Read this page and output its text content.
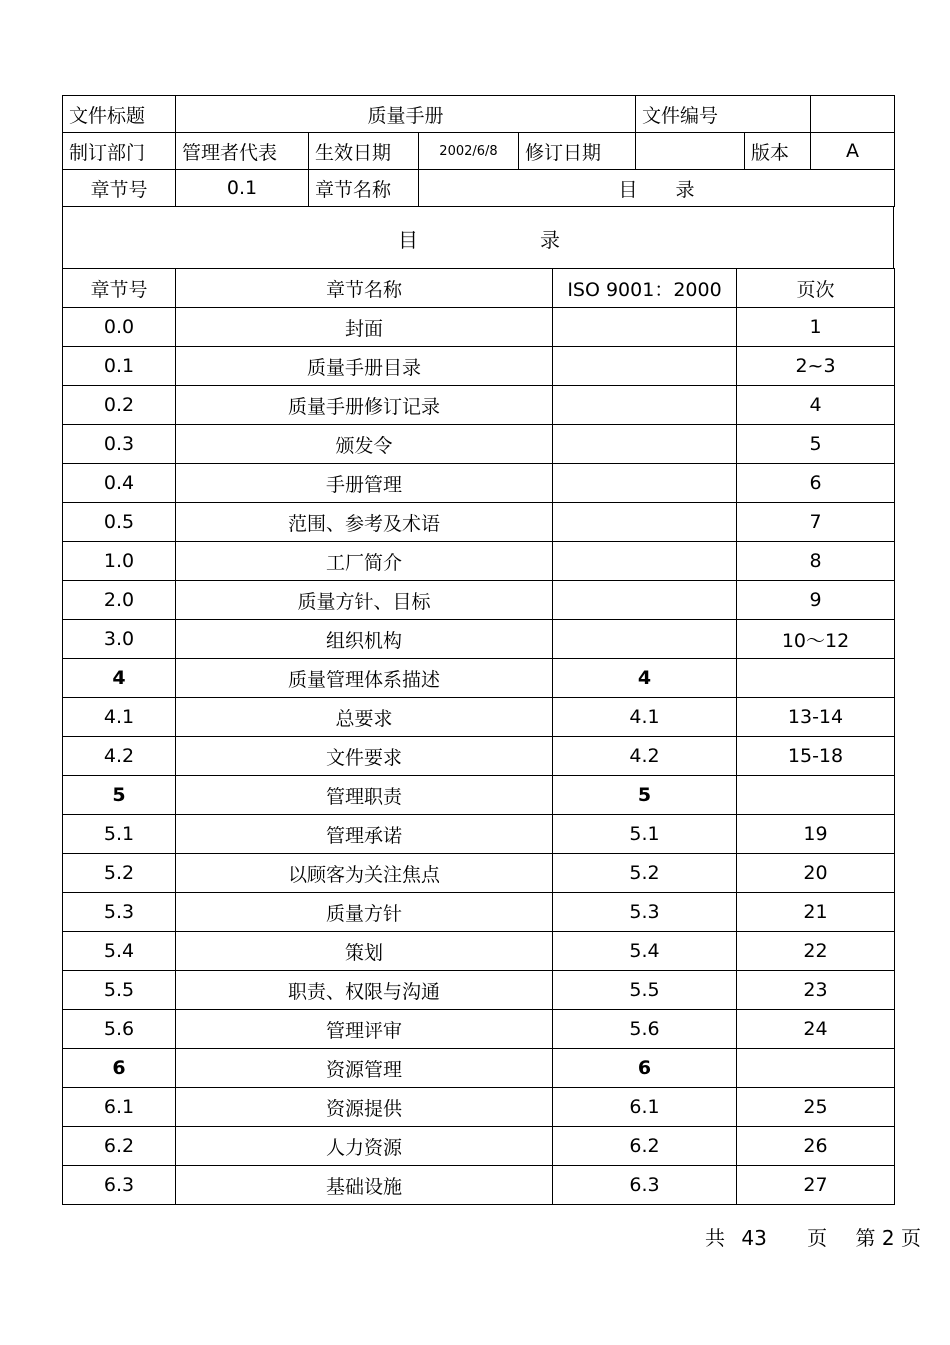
文件标题	质量手册				文件编号		
制订部门	管理者代表	生效日期	2002/6/8	修订日期		版本	A
章节号	0.1	章节名称	目　　录				
目	录
章节号	章节名称	ISO 9001：2000	页次
0.0	封面		1
0.1	质量手册目录		2~3
0.2	质量手册修订记录		4
0.3	颁发令		5
0.4	手册管理		6
0.5	范围、参考及术语		7
1.0	工厂简介		8
2.0	质量方针、目标		9
3.0	组织机构		10～12
4	质量管理体系描述	4	
4.1	总要求	4.1	13-14
4.2	文件要求	4.2	15-18
5	管理职责	5	
5.1	管理承诺	5.1	19
5.2	以顾客为关注焦点	5.2	20
5.3	质量方针	5.3	21
5.4	策划	5.4	22
5.5	职责、权限与沟通	5.5	23
5.6	管理评审	5.6	24
6	资源管理	6	
6.1	资源提供	6.1	25
6.2	人力资源	6.2	26
6.3	基础设施	6.3	27
共 43 页 第 2 页
